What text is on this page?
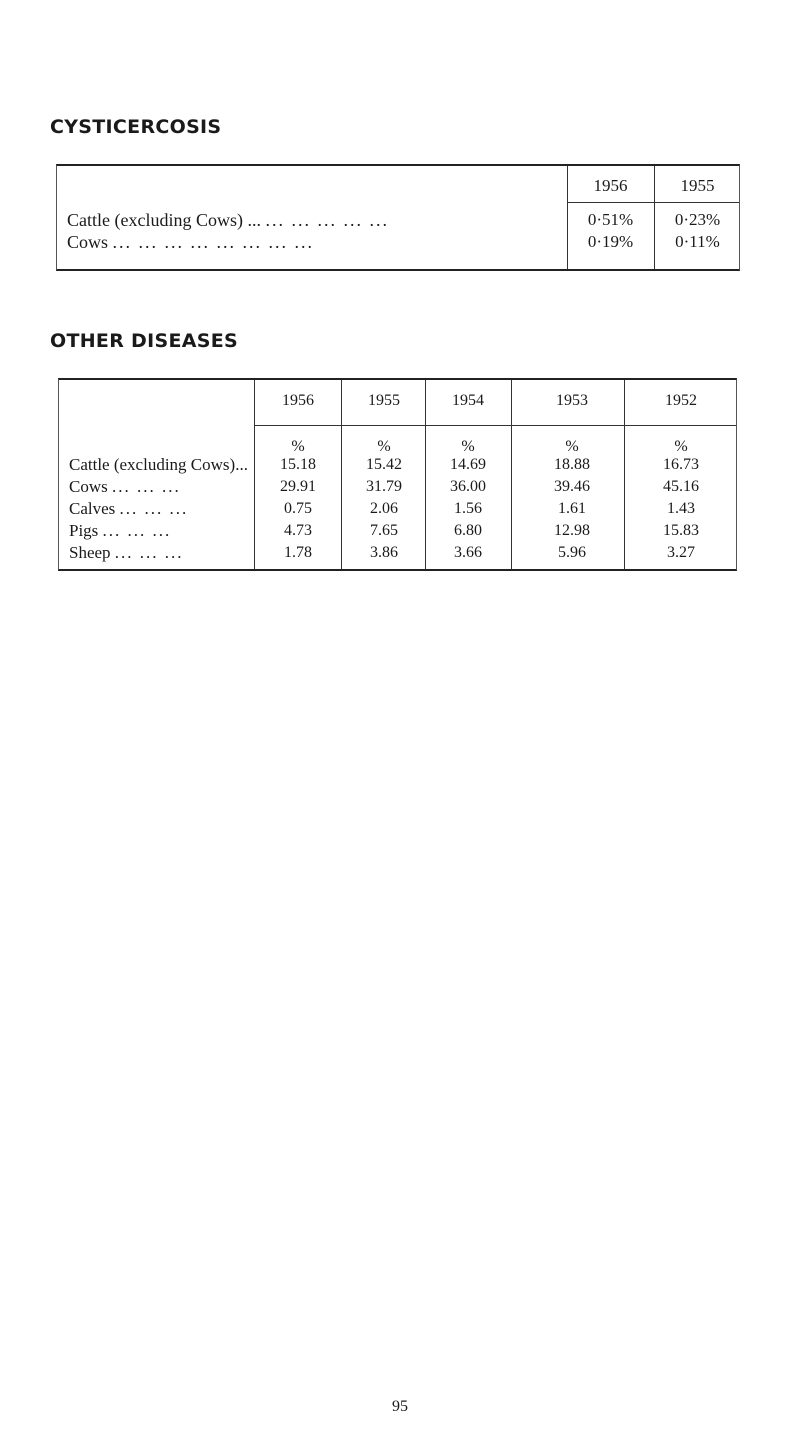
CYSTICERCOSIS
1956	1955
Cattle (excluding Cows) ... ... ... ... ... ...	0·51%	0·23%
Cows ... ... ... ... ... ... ... ...	0·19%	0·11%
OTHER DISEASES
1956	1955	1954	1953	1952
%	%	%	%	%
Cattle (excluding Cows)...	15.18	15.42	14.69	18.88	16.73
Cows ... ... ...	29.91	31.79	36.00	39.46	45.16
Calves ... ... ...	0.75	2.06	1.56	1.61	1.43
Pigs ... ... ...	4.73	7.65	6.80	12.98	15.83
Sheep ... ... ...	1.78	3.86	3.66	5.96	3.27
95
